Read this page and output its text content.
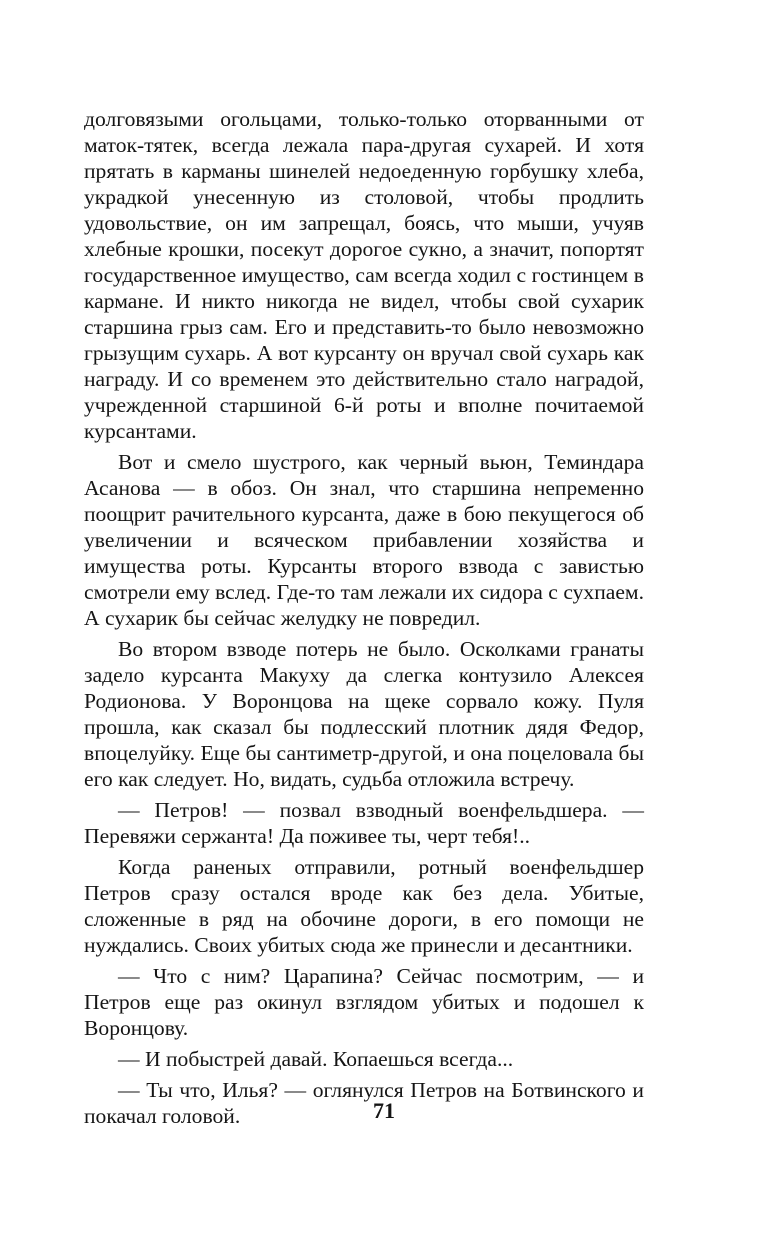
долговязыми огольцами, только-только оторванными от маток-тятек, всегда лежала пара-другая сухарей. И хотя прятать в карманы шинелей недоеденную горбушку хлеба, украдкой унесенную из столовой, чтобы продлить удовольствие, он им запрещал, боясь, что мыши, учуяв хлебные крошки, посекут дорогое сукно, а значит, попортят государственное имущество, сам всегда ходил с гостинцем в кармане. И никто никогда не видел, чтобы свой сухарик старшина грыз сам. Его и представить-то было невозможно грызущим сухарь. А вот курсанту он вручал свой сухарь как награду. И со временем это действительно стало наградой, учрежденной старшиной 6-й роты и вполне почитаемой курсантами.

Вот и смело шустрого, как черный вьюн, Теминдара Асанова — в обоз. Он знал, что старшина непременно поощрит рачительного курсанта, даже в бою пекущегося об увеличении и всяческом прибавлении хозяйства и имущества роты. Курсанты второго взвода с завистью смотрели ему вслед. Где-то там лежали их сидора с сухпаем. А сухарик бы сейчас желудку не повредил.

Во втором взводе потерь не было. Осколками гранаты задело курсанта Макуху да слегка контузило Алексея Родионова. У Воронцова на щеке сорвало кожу. Пуля прошла, как сказал бы подлесский плотник дядя Федор, впоцелуйку. Еще бы сантиметр-другой, и она поцеловала бы его как следует. Но, видать, судьба отложила встречу.

— Петров! — позвал взводный военфельдшера. — Перевяжи сержанта! Да поживее ты, черт тебя!..

Когда раненых отправили, ротный военфельдшер Петров сразу остался вроде как без дела. Убитые, сложенные в ряд на обочине дороги, в его помощи не нуждались. Своих убитых сюда же принесли и десантники.

— Что с ним? Царапина? Сейчас посмотрим, — и Петров еще раз окинул взглядом убитых и подошел к Воронцову.

— И побыстрей давай. Копаешься всегда...

— Ты что, Илья? — оглянулся Петров на Ботвинского и покачал головой.	71
